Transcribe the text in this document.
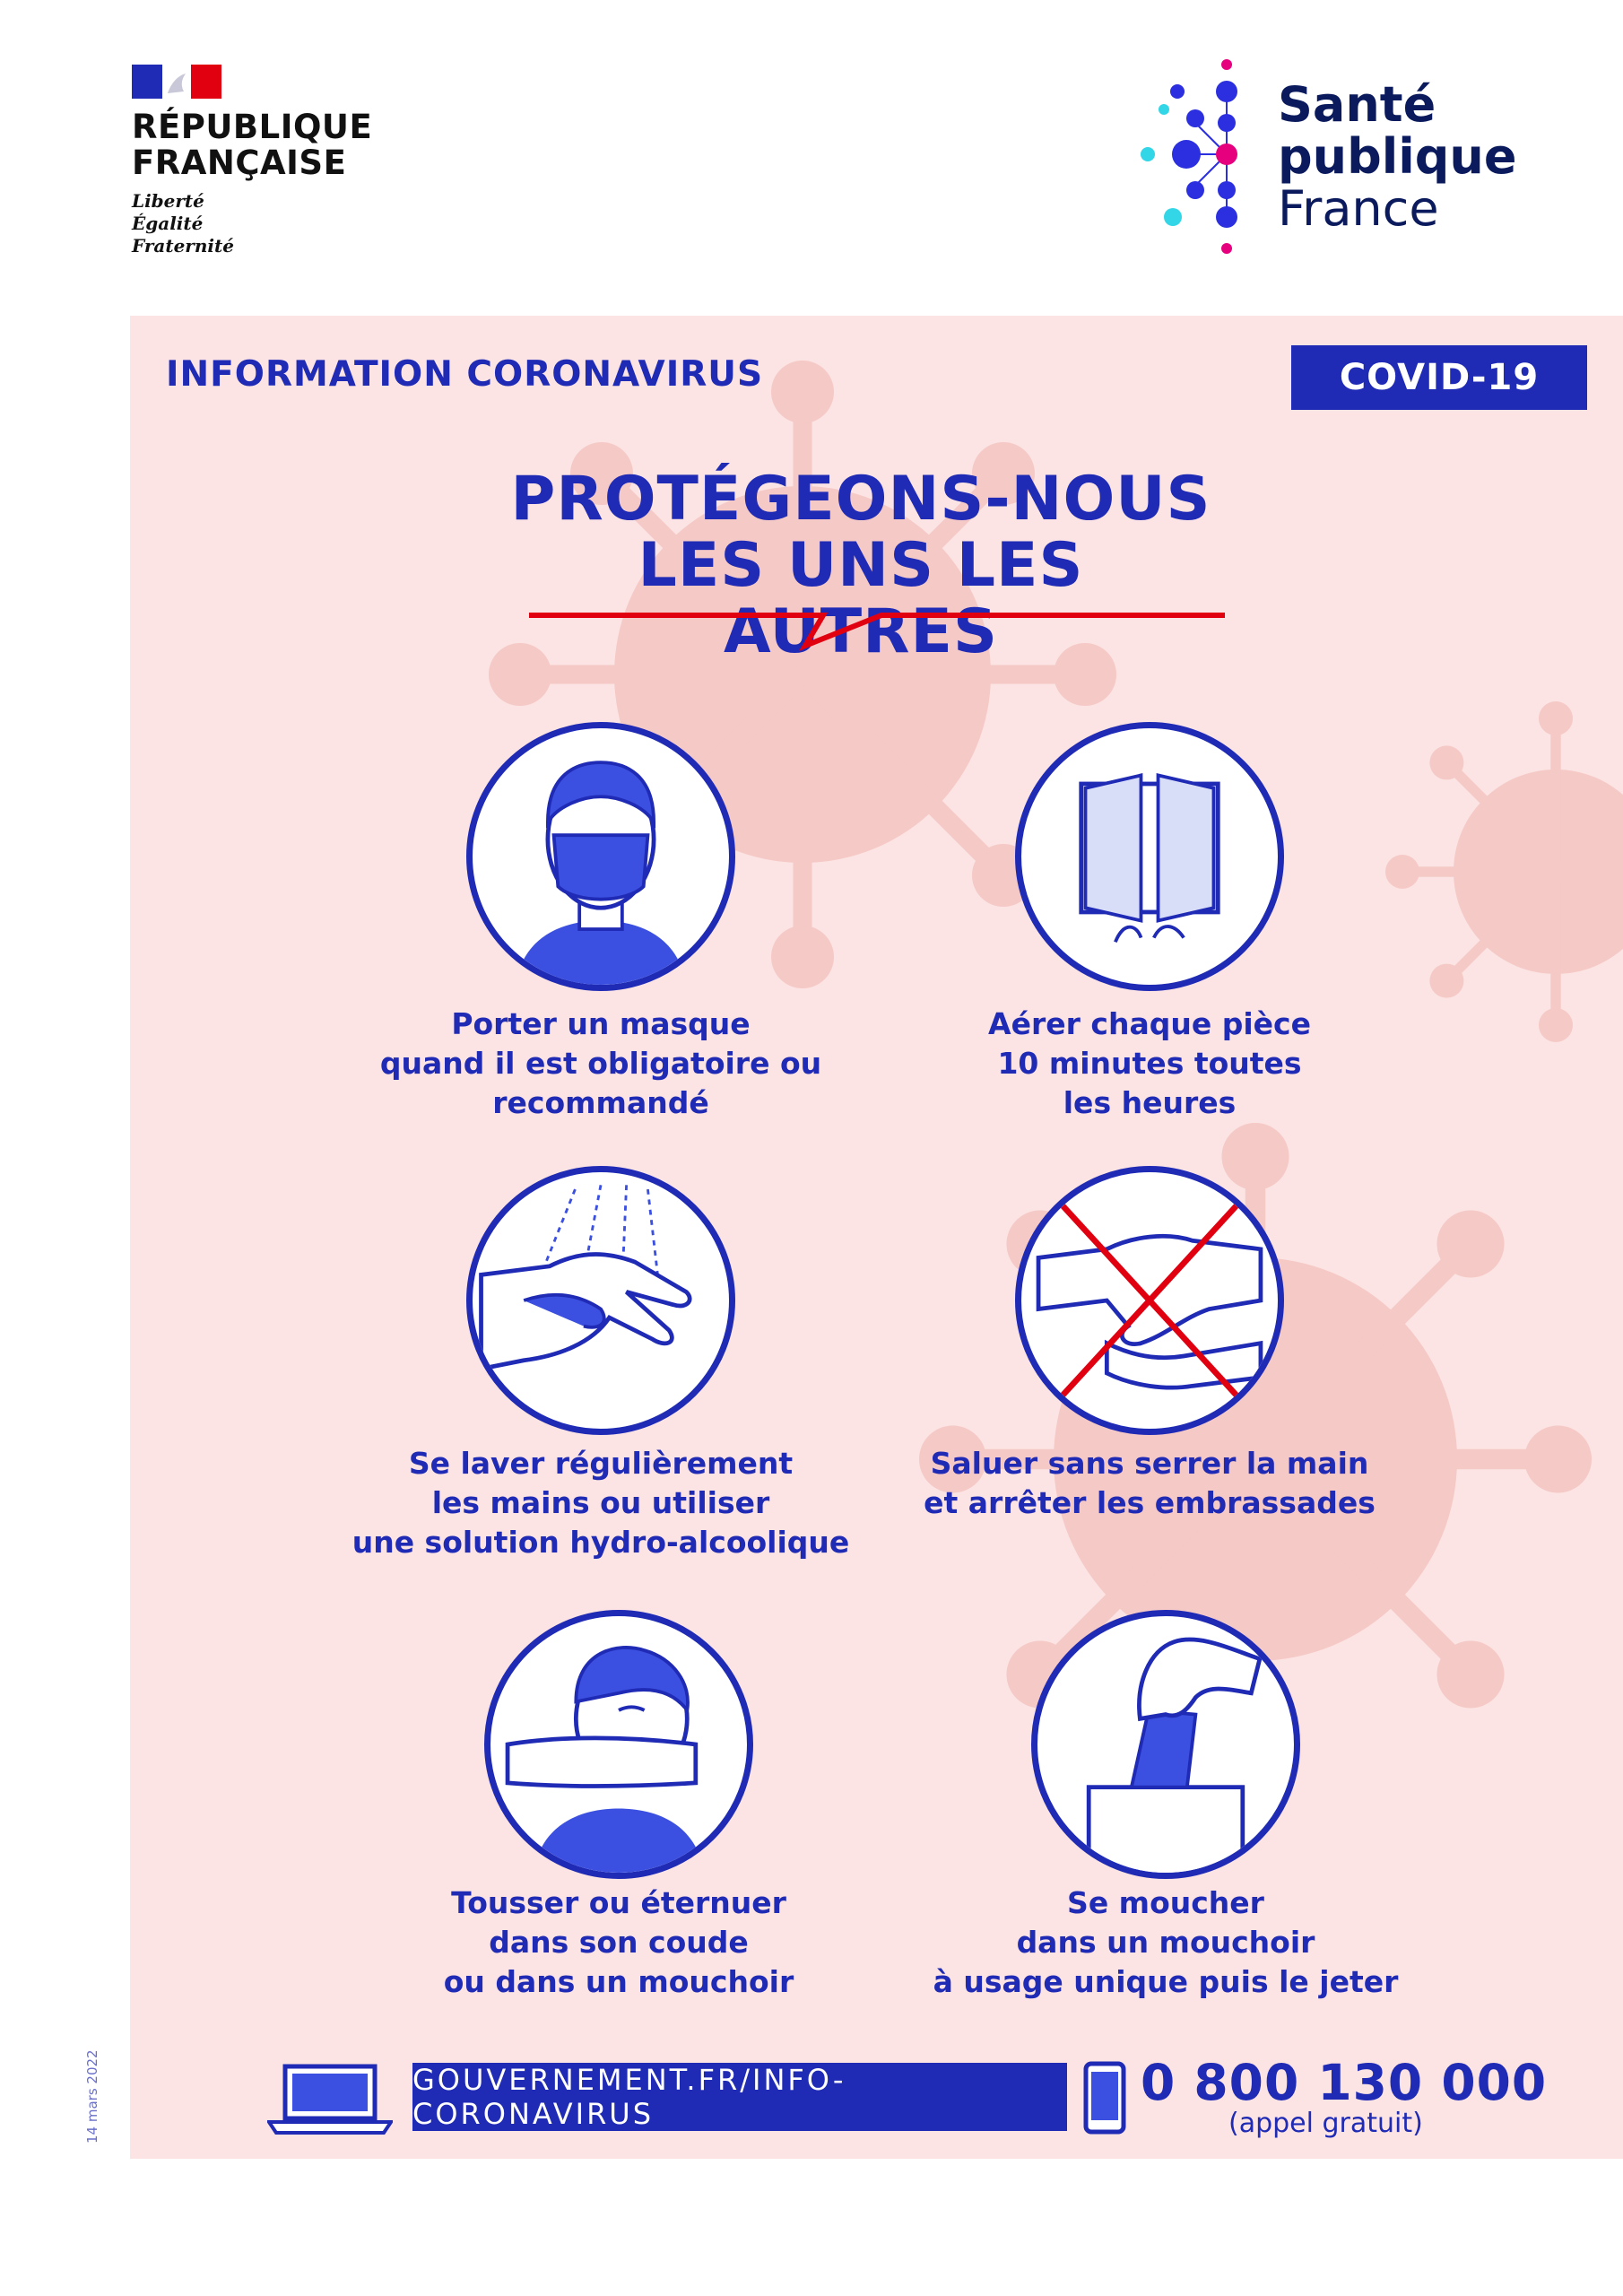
RÉPUBLIQUE
FRANÇAISE
Liberté
Égalité
Fraternité
Santé
publique
France
INFORMATION CORONAVIRUS	COVID-19
PROTÉGEONS-NOUS
LES UNS LES AUTRES
Porter un masque
quand il est obligatoire ou
recommandé
Aérer chaque pièce
10 minutes toutes
les heures
Se laver régulièrement
les mains ou utiliser
une solution hydro-alcoolique
Saluer sans serrer la main
et arrêter les embrassades
Tousser ou éternuer
dans son coude
ou dans un mouchoir
Se moucher
dans un mouchoir
à usage unique puis le jeter
GOUVERNEMENT.FR/INFO-CORONAVIRUS
0 800 130 000
(appel gratuit)
14 mars 2022
